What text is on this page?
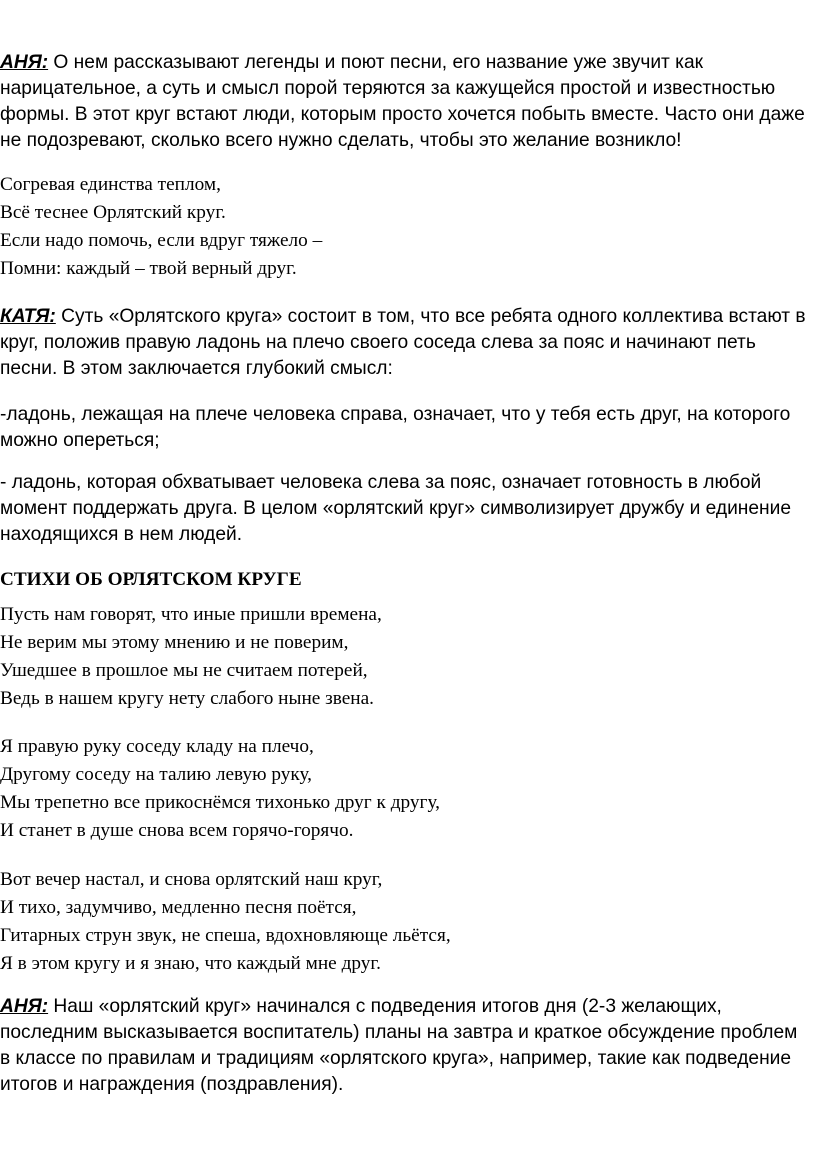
АНЯ: О нем рассказывают легенды и поют песни, его название уже звучит как нарицательное, а суть и смысл порой теряются за кажущейся простой и известностью формы. В этот круг встают люди, которым просто хочется побыть вместе. Часто они даже не подозревают, сколько всего нужно сделать, чтобы это желание возникло!

Согревая единства теплом,
Всё теснее Орлятский круг.
Если надо помочь, если вдруг тяжело –
Помни: каждый – твой верный друг.

КАТЯ: Суть «Орлятского круга» состоит в том, что все ребята одного коллектива встают в круг, положив правую ладонь на плечо своего соседа слева за пояс и начинают петь песни. В этом заключается глубокий смысл:

-ладонь, лежащая на плече человека справа, означает, что у тебя есть друг, на которого можно опереться;

- ладонь, которая обхватывает человека слева за пояс, означает готовность в любой момент поддержать друга. В целом «орлятский круг» символизирует дружбу и единение находящихся в нем людей.

СТИХИ ОБ ОРЛЯТСКОМ КРУГЕ
Пусть нам говорят, что иные пришли времена,
Не верим мы этому мнению и не поверим,
Ушедшее в прошлое мы не считаем потерей,
Ведь в нашем кругу нету слабого ныне звена.
Я правую руку соседу кладу на плечо,
Другому соседу на талию левую руку,
Мы трепетно все прикоснёмся тихонько друг к другу,
И станет в душе снова всем горячо-горячо.
Вот вечер настал, и снова орлятский наш круг,
И тихо, задумчиво, медленно песня поётся,
Гитарных струн звук, не спеша, вдохновляюще льётся,
Я в этом кругу и я знаю, что каждый мне друг.

АНЯ: Наш «орлятский круг» начинался с подведения итогов дня (2-3 желающих, последним высказывается воспитатель) планы на завтра и краткое обсуждение проблем в классе по правилам и традициям «орлятского круга», например, такие как подведение итогов и награждения (поздравления).
